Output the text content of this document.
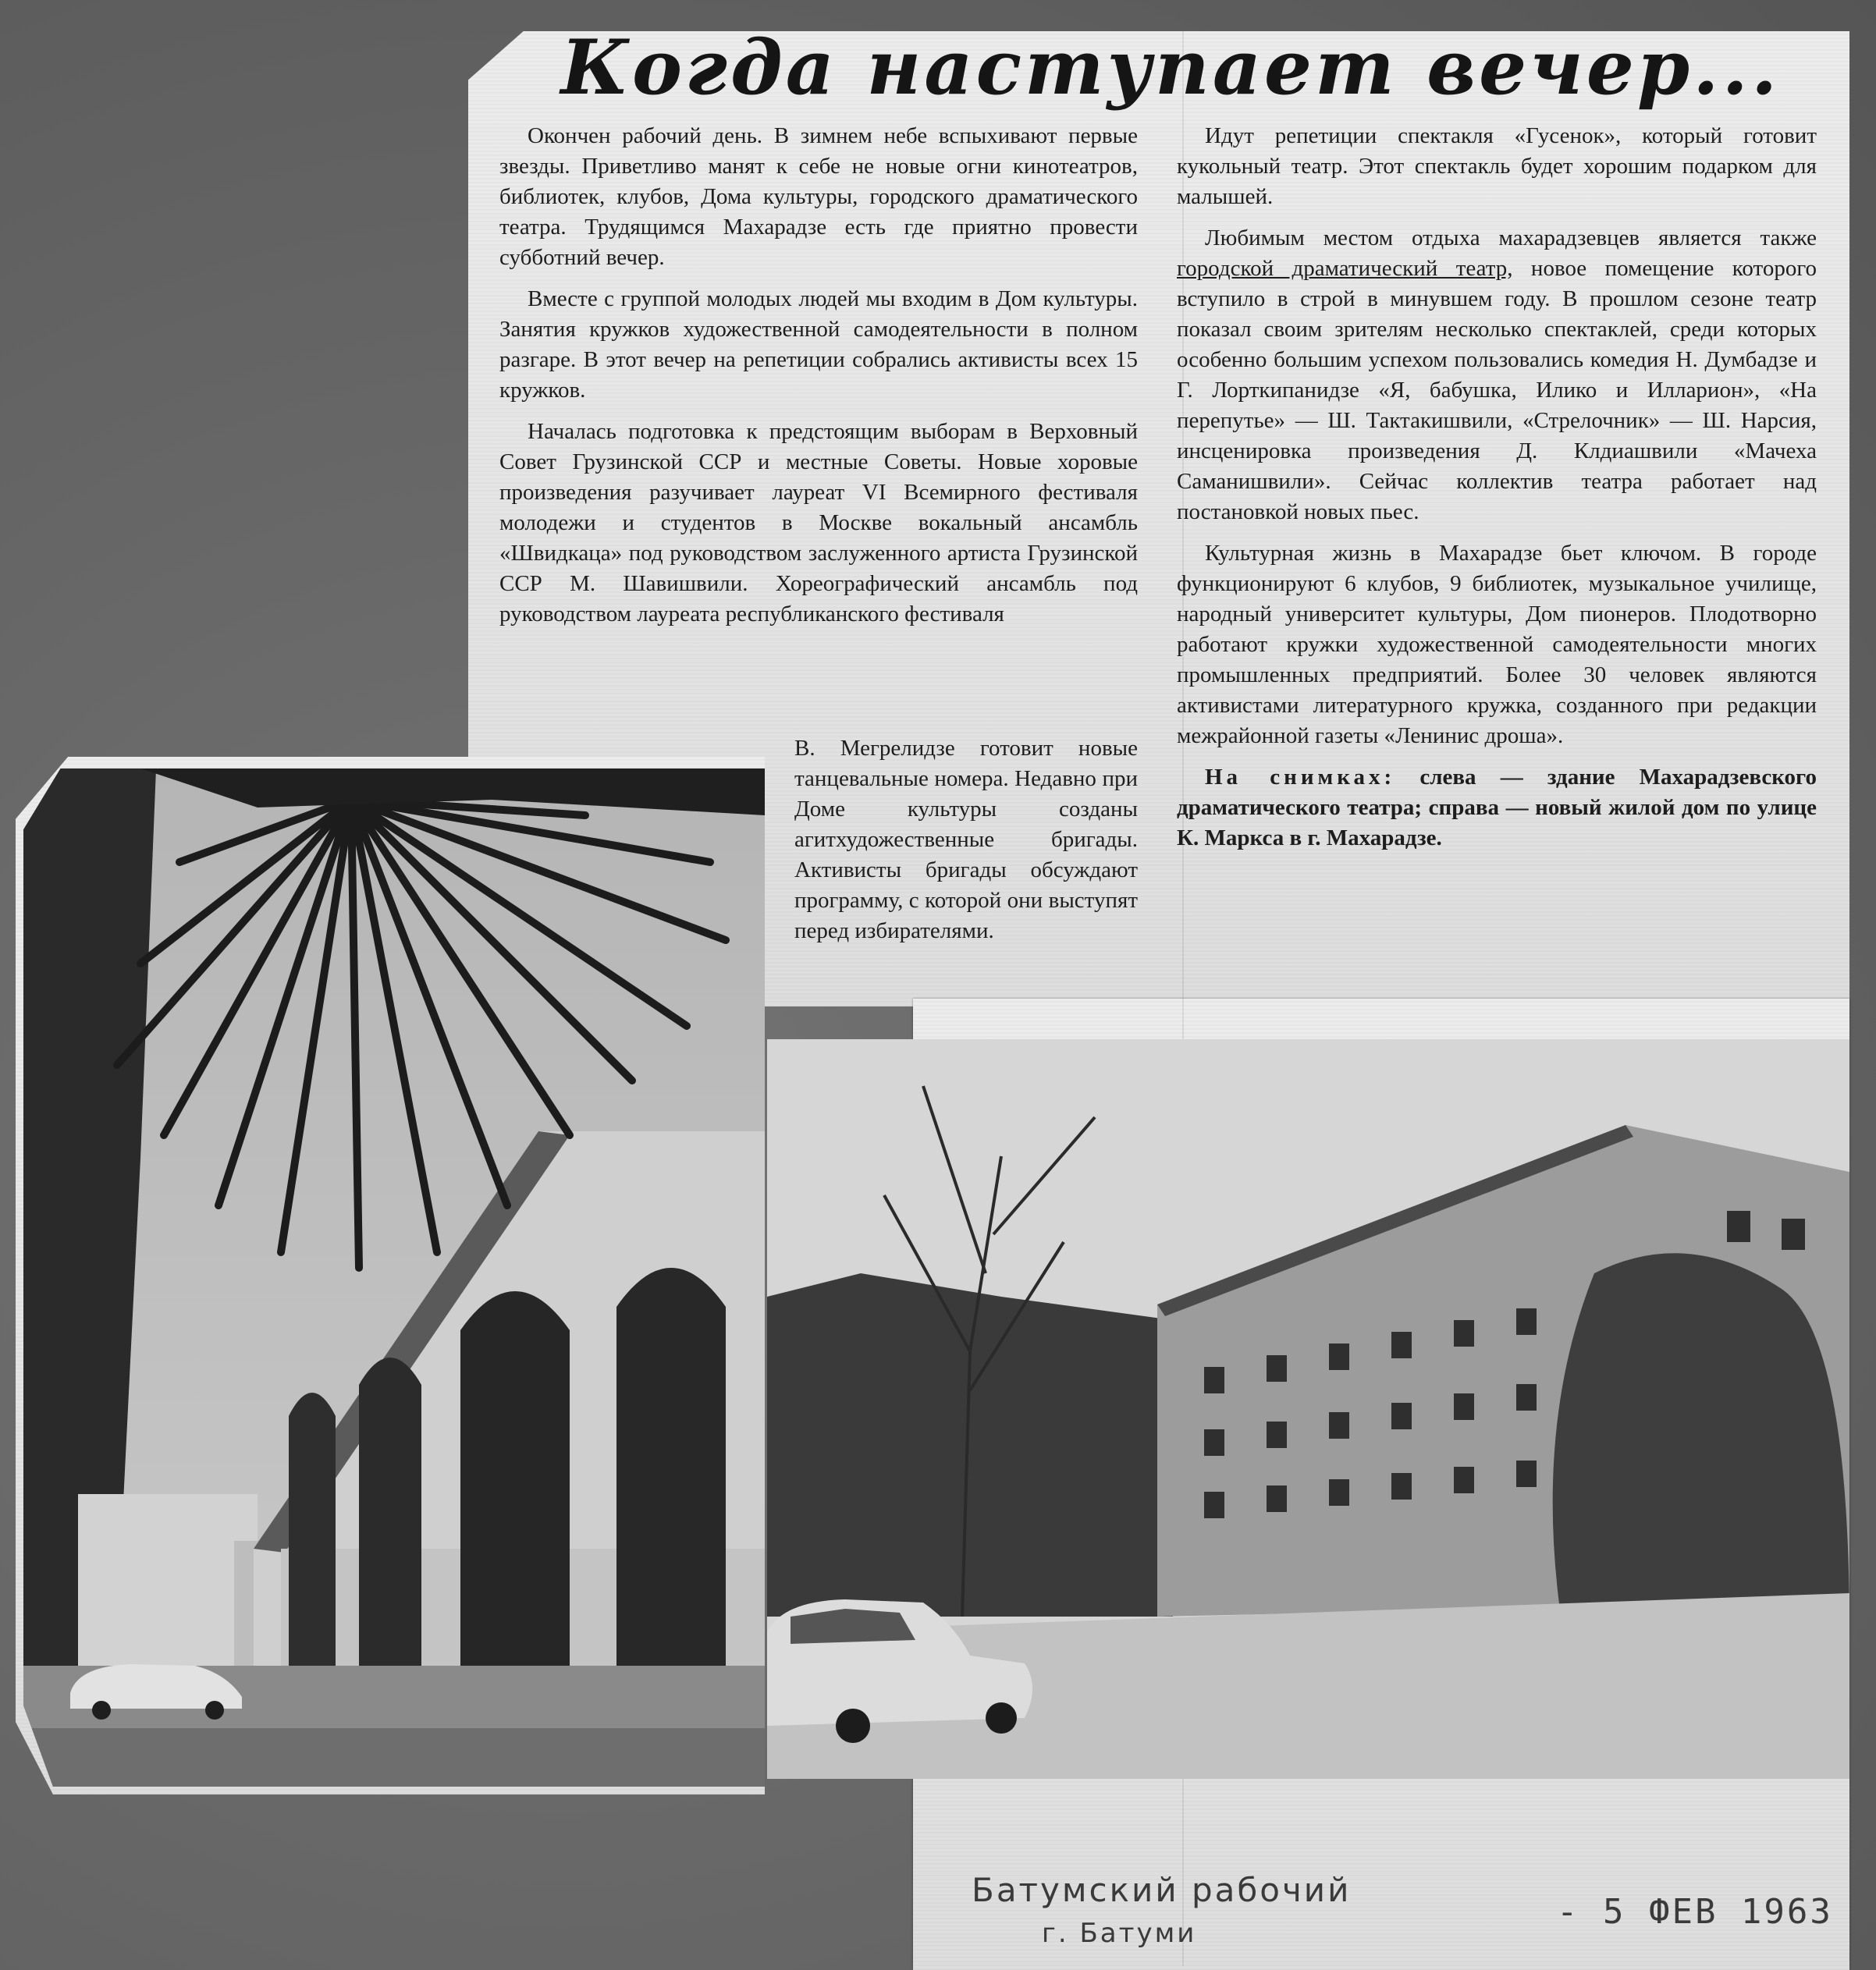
Когда наступает вечер...

Окончен рабочий день. В зимнем небе вспыхивают первые звезды. Приветливо манят к себе не новые огни кинотеатров, библиотек, клубов, Дома культуры, городского драматического театра. Трудящимся Махарадзе есть где приятно провести субботний вечер.

Вместе с группой молодых людей мы входим в Дом культуры. Занятия кружков художественной самодеятельности в полном разгаре. В этот вечер на репетиции собрались активисты всех 15 кружков.

Началась подготовка к предстоящим выборам в Верховный Совет Грузинской ССР и местные Советы. Новые хоровые произведения разучивает лауреат VI Всемирного фестиваля молодежи и студентов в Москве вокальный ансамбль «Швидкаца» под руководством заслуженного артиста Грузинской ССР М. Шавишвили. Хореографический ансамбль под руководством лауреата республиканского фестиваля

В. Мегрелидзе готовит новые танцевальные номера. Недавно при Доме культуры созданы агитхудожественные бригады. Активисты бригады обсуждают программу, с которой они выступят перед избирателями.

Идут репетиции спектакля «Гусенок», который готовит кукольный театр. Этот спектакль будет хорошим подарком для малышей.

Любимым местом отдыха махарадзевцев является также городской драматический театр, новое помещение которого вступило в строй в минувшем году. В прошлом сезоне театр показал своим зрителям несколько спектаклей, среди которых особенно большим успехом пользовались комедия Н. Думбадзе и Г. Лорткипанидзе «Я, бабушка, Илико и Илларион», «На перепутье» — Ш. Тактакишвили, «Стрелочник» — Ш. Нарсия, инсценировка произведения Д. Клдиашвили «Мачеха Саманишвили». Сейчас коллектив театра работает над постановкой новых пьес.

Культурная жизнь в Махарадзе бьет ключом. В городе функционируют 6 клубов, 9 библиотек, музыкальное училище, народный университет культуры, Дом пионеров. Плодотворно работают кружки художественной самодеятельности многих промышленных предприятий. Более 30 человек являются активистами литературного кружка, созданного при редакции межрайонной газеты «Ленинис дроша».

На снимках: слева — здание Махарадзевского драматического театра; справа — новый жилой дом по улице К. Маркса в г. Махарадзе.

Батумский рабочий
г. Батуми
- 5 ФЕВ 1963
